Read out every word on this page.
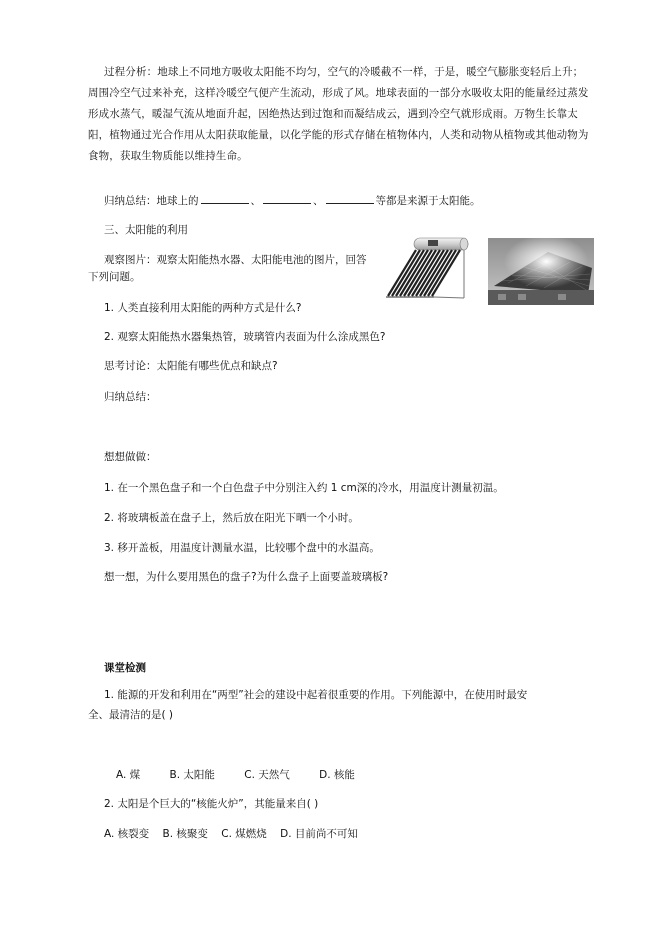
过程分析：地球上不同地方吸收太阳能不均匀，空气的冷暖截不一样，于是，暖空气膨胀变轻后上升；周围冷空气过来补充，这样冷暖空气便产生流动，形成了风。地球表面的一部分水吸收太阳的能量经过蒸发形成水蒸气，暖湿气流从地面升起，因绝热达到过饱和而凝结成云，遇到冷空气就形成雨。万物生长靠太阳，植物通过光合作用从太阳获取能量，以化学能的形式存储在植物体内，人类和动物从植物或其他动物为食物，获取生物质能以维持生命。
归纳总结：地球上的	、	、	等都是来源于太阳能。
三、太阳能的利用
观察图片：观察太阳能热水器、太阳能电池的图片，回答
下列问题。
1. 人类直接利用太阳能的两种方式是什么?
2. 观察太阳能热水器集热管，玻璃管内表面为什么涂成黑色?
思考讨论：太阳能有哪些优点和缺点?
归纳总结：
想想做做：
1. 在一个黑色盘子和一个白色盘子中分别注入约 1 cm深的冷水，用温度计测量初温。
2. 将玻璃板盖在盘子上，然后放在阳光下晒一个小时。
3. 移开盖板，用温度计测量水温，比较哪个盘中的水温高。
想一想，为什么要用黑色的盘子?为什么盘子上面要盖玻璃板?
课堂检测
1. 能源的开发和利用在“两型”社会的建设中起着很重要的作用。下列能源中，在使用时最安
全、最清洁的是( )
A. 煤	B. 太阳能	C. 天然气	D. 核能
2. 太阳是个巨大的“核能火炉”，其能量来自( )
A. 核裂变 B. 核聚变 C. 煤燃烧 D. 目前尚不可知
